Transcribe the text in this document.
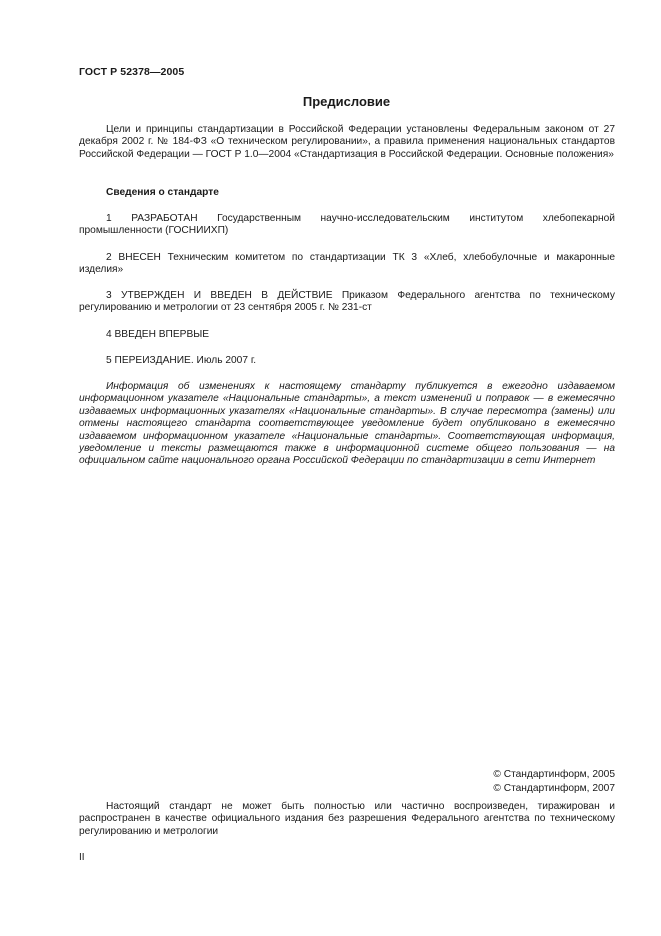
ГОСТ Р 52378—2005
Предисловие
Цели и принципы стандартизации в Российской Федерации установлены Федеральным законом от 27 декабря 2002 г. № 184-ФЗ «О техническом регулировании», а правила применения национальных стандартов Российской Федерации — ГОСТ Р 1.0—2004 «Стандартизация в Российской Федерации. Основные положения»
Сведения о стандарте
1 РАЗРАБОТАН Государственным научно-исследовательским институтом хлебопекарной промышленности (ГОСНИИХП)
2 ВНЕСЕН Техническим комитетом по стандартизации ТК 3 «Хлеб, хлебобулочные и макаронные изделия»
3 УТВЕРЖДЕН И ВВЕДЕН В ДЕЙСТВИЕ Приказом Федерального агентства по техническому регулированию и метрологии от 23 сентября 2005 г. № 231-ст
4 ВВЕДЕН ВПЕРВЫЕ
5 ПЕРЕИЗДАНИЕ. Июль 2007 г.
Информация об изменениях к настоящему стандарту публикуется в ежегодно издаваемом информационном указателе «Национальные стандарты», а текст изменений и поправок — в ежемесячно издаваемых информационных указателях «Национальные стандарты». В случае пересмотра (замены) или отмены настоящего стандарта соответствующее уведомление будет опубликовано в ежемесячно издаваемом информационном указателе «Национальные стандарты». Соответствующая информация, уведомление и тексты размещаются также в информационной системе общего пользования — на официальном сайте национального органа Российской Федерации по стандартизации в сети Интернет
© Стандартинформ, 2005
© Стандартинформ, 2007
Настоящий стандарт не может быть полностью или частично воспроизведен, тиражирован и распространен в качестве официального издания без разрешения Федерального агентства по техническому регулированию и метрологии
II
